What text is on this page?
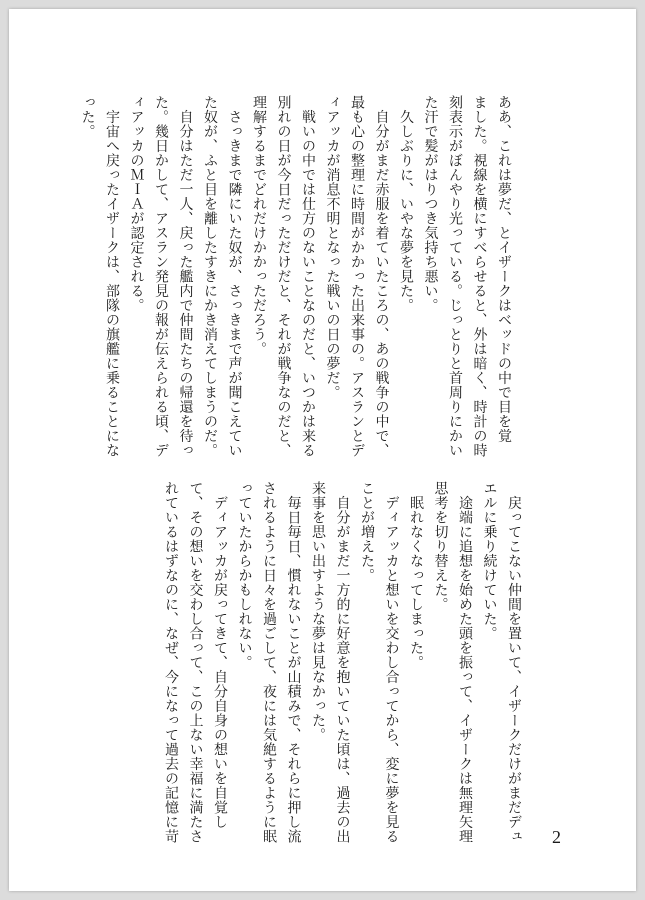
ああ、これは夢だ、とイザークはベッドの中で目を覚

ました。視線を横にすべらせると、外は暗く、時計の時

刻表示がぼんやり光っている。じっとりと首周りにかい

た汗で髪がはりつき気持ち悪い。

　久しぶりに、いやな夢を見た。

　自分がまだ赤服を着ていたころの、あの戦争の中で、

最も心の整理に時間がかかった出来事の。アスランとデ

ィアッカが消息不明となった戦いの日の夢だ。

　戦いの中では仕方のないことなのだと、いつかは来る

別れの日が今日だっただけだと、それが戦争なのだと、

理解するまでどれだけかかっただろう。

　さっきまで隣にいた奴が、さっきまで声が聞こえてい

た奴が、ふと目を離したすきにかき消えてしまうのだ。

　自分はただ一人、戻った艦内で仲間たちの帰還を待っ

た。幾日かして、アスラン発見の報が伝えられる頃、デ

ィアッカのＭＩＡが認定される。

　宇宙へ戻ったイザークは、部隊の旗艦に乗ることにな

った。

　戻ってこない仲間を置いて、イザークだけがまだデュ

エルに乗り続けていた。

　途端に追想を始めた頭を振って、イザークは無理矢理

思考を切り替えた。

　眠れなくなってしまった。

　ディアッカと想いを交わし合ってから、変に夢を見る

ことが増えた。

　自分がまだ一方的に好意を抱いていた頃は、過去の出

来事を思い出すような夢は見なかった。

　毎日毎日、慣れないことが山積みで、それらに押し流

されるように日々を過ごして、夜には気絶するように眠

っていたからかもしれない。

　ディアッカが戻ってきて、自分自身の想いを自覚し

て、その想いを交わし合って、この上ない幸福に満たさ

れているはずなのに、なぜ、今になって過去の記憶に苛	2
